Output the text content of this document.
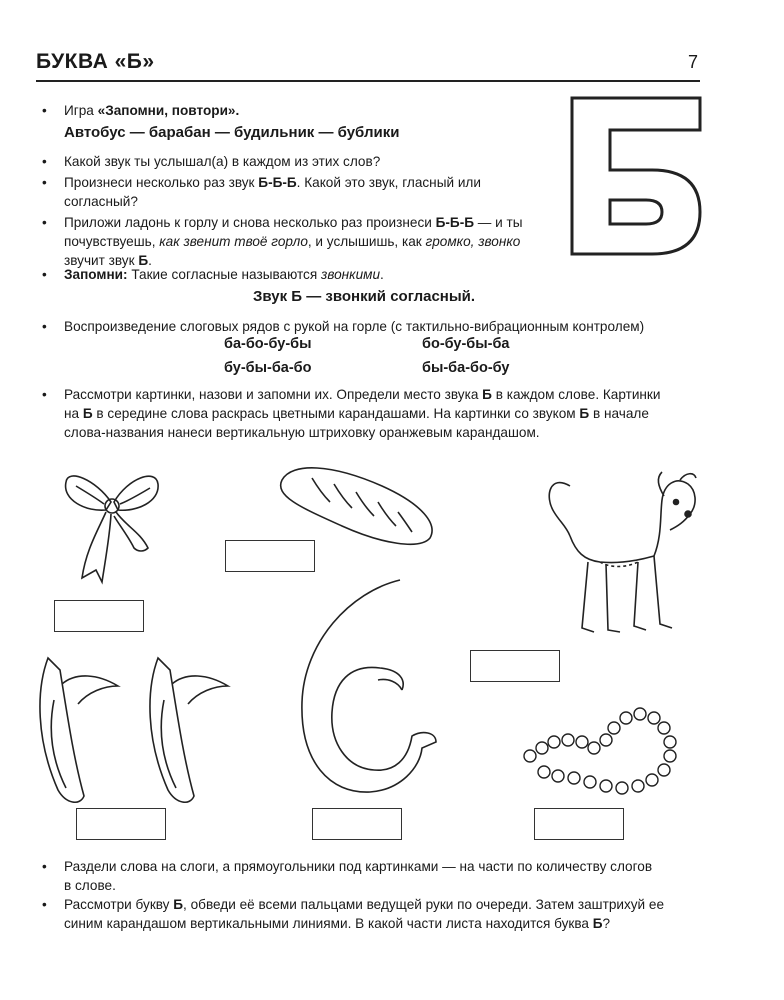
БУКВА «Б»	7
• Игра «Запомни, повтори».
Автобус — барабан — будильник — бублики
• Какой звук ты услышал(а) в каждом из этих слов?
• Произнеси несколько раз звук Б-Б-Б. Какой это звук, гласный или
согласный?
• Приложи ладонь к горлу и снова несколько раз произнеси Б-Б-Б — и ты
почувствуешь, как звенит твоё горло, и услышишь, как громко, звонко
звучит звук Б.
• Запомни: Такие согласные называются звонкими.
Звук Б — звонкий согласный.
• Воспроизведение слоговых рядов с рукой на горле (с тактильно-вибрационным контролем)
ба-бо-бу-бы	бо-бу-бы-ба
бу-бы-ба-бо	бы-ба-бо-бу
• Рассмотри картинки, назови и запомни их. Определи место звука Б в каждом слове. Картинки
на Б в середине слова раскрась цветными карандашами. На картинки со звуком Б в начале
слова-названия нанеси вертикальную штриховку оранжевым карандашом.
• Раздели слова на слоги, а прямоугольники под картинками — на части по количеству слогов
в слове.
• Рассмотри букву Б, обведи её всеми пальцами ведущей руки по очереди. Затем заштрихуй ее
синим карандашом вертикальными линиями. В какой части листа находится буква Б?
